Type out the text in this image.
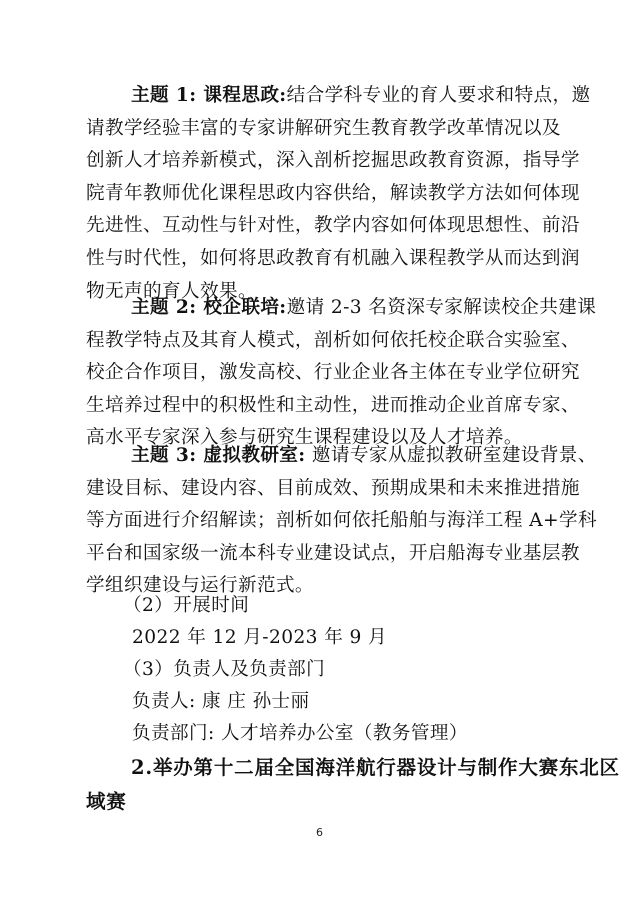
主题 1: 课程思政:结合学科专业的育人要求和特点，邀
请教学经验丰富的专家讲解研究生教育教学改革情况以及
创新人才培养新模式，深入剖析挖掘思政教育资源，指导学
院青年教师优化课程思政内容供给，解读教学方法如何体现
先进性、互动性与针对性，教学内容如何体现思想性、前沿
性与时代性，如何将思政教育有机融入课程教学从而达到润
物无声的育人效果。
主题 2: 校企联培:邀请 2-3 名资深专家解读校企共建课
程教学特点及其育人模式，剖析如何依托校企联合实验室、
校企合作项目，激发高校、行业企业各主体在专业学位研究
生培养过程中的积极性和主动性，进而推动企业首席专家、
高水平专家深入参与研究生课程建设以及人才培养。
主题 3: 虚拟教研室: 邀请专家从虚拟教研室建设背景、
建设目标、建设内容、目前成效、预期成果和未来推进措施
等方面进行介绍解读；剖析如何依托船舶与海洋工程 A+学科
平台和国家级一流本科专业建设试点，开启船海专业基层教
学组织建设与运行新范式。

（2）开展时间

2022 年 12 月-2023 年 9 月

（3）负责人及负责部门

负责人: 康 庄 孙士丽

负责部门: 人才培养办公室（教务管理）

2.举办第十二届全国海洋航行器设计与制作大赛东北区
域赛
6
